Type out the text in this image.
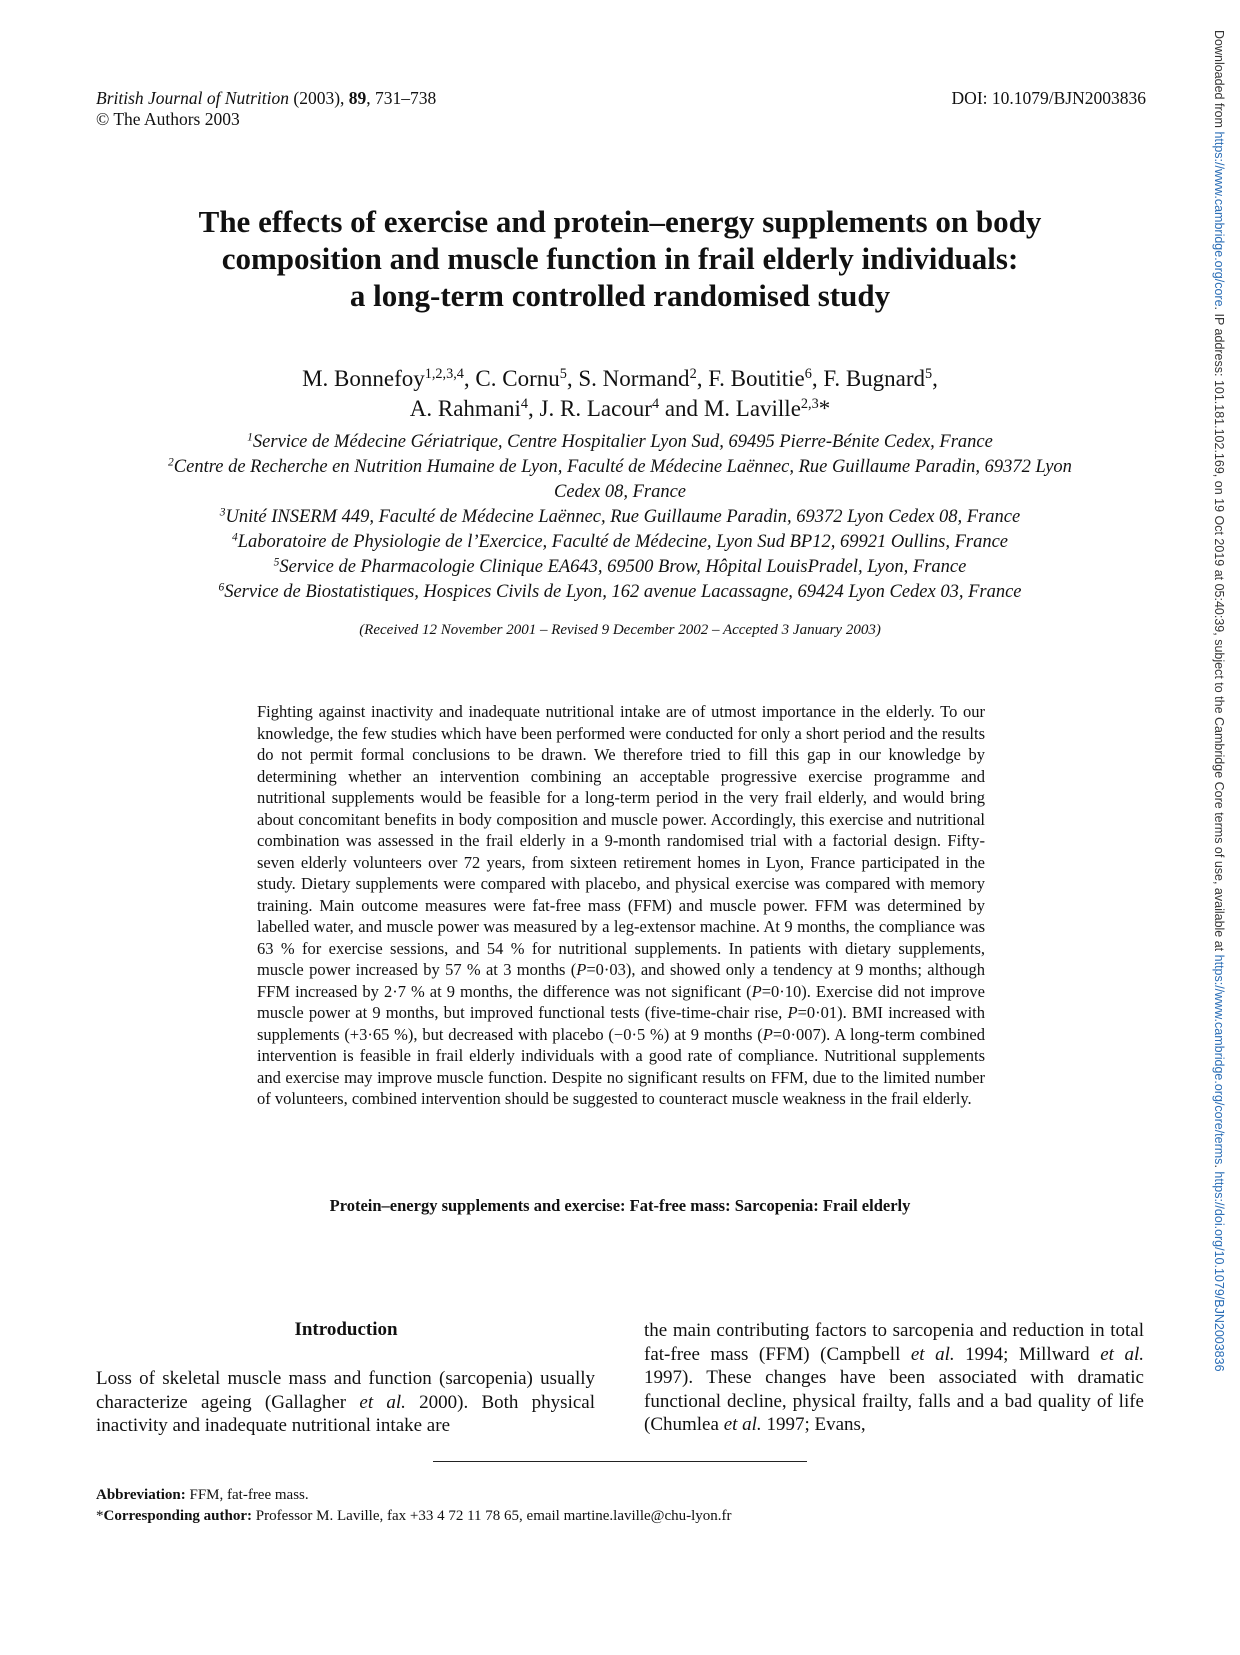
British Journal of Nutrition (2003), 89, 731–738
© The Authors 2003
DOI: 10.1079/BJN2003836	Downloaded from https://www.cambridge.org/core. IP address: 101.181.102.169, on 19 Oct 2019 at 05:40:39, subject to the Cambridge Core terms of use, available at https://www.cambridge.org/core/terms. https://doi.org/10.1079/BJN2003836
The effects of exercise and protein–energy supplements on body
composition and muscle function in frail elderly individuals:
a long-term controlled randomised study
M. Bonnefoy$^{1,2,3,4}$, C. Cornu$^5$, S. Normand$^2$, F. Boutitie$^6$, F. Bugnard$^5$,
A. Rahmani$^4$, J. R. Lacour$^4$ and M. Laville$^{2,3}$*
$^1$Service de Médecine Gériatrique, Centre Hospitalier Lyon Sud, 69495 Pierre-Bénite Cedex, France
$^2$Centre de Recherche en Nutrition Humaine de Lyon, Faculté de Médecine Laënnec, Rue Guillaume Paradin, 69372 Lyon
Cedex 08, France
$^3$Unité INSERM 449, Faculté de Médecine Laënnec, Rue Guillaume Paradin, 69372 Lyon Cedex 08, France
$^4$Laboratoire de Physiologie de l’Exercice, Faculté de Médecine, Lyon Sud BP12, 69921 Oullins, France
$^5$Service de Pharmacologie Clinique EA643, 69500 Brow, Hôpital LouisPradel, Lyon, France
$^6$Service de Biostatistiques, Hospices Civils de Lyon, 162 avenue Lacassagne, 69424 Lyon Cedex 03, France
(Received 12 November 2001 – Revised 9 December 2002 – Accepted 3 January 2003)
Fighting against inactivity and inadequate nutritional intake are of utmost importance in the elderly. To our knowledge, the few studies which have been performed were conducted for only a short period and the results do not permit formal conclusions to be drawn. We therefore tried to fill this gap in our knowledge by determining whether an intervention combining an acceptable progressive exercise programme and nutritional supplements would be feasible for a long-term period in the very frail elderly, and would bring about concomitant benefits in body composition and muscle power. Accordingly, this exercise and nutritional combination was assessed in the frail elderly in a 9-month randomised trial with a factorial design. Fifty-seven elderly volunteers over 72 years, from sixteen retirement homes in Lyon, France participated in the study. Dietary supplements were compared with placebo, and physical exercise was compared with memory training. Main outcome measures were fat-free mass (FFM) and muscle power. FFM was determined by labelled water, and muscle power was measured by a leg-extensor machine. At 9 months, the compliance was 63 % for exercise sessions, and 54 % for nutritional supplements. In patients with dietary supplements, muscle power increased by 57 % at 3 months (P=0·03), and showed only a tendency at 9 months; although FFM increased by 2·7 % at 9 months, the difference was not significant (P=0·10). Exercise did not improve muscle power at 9 months, but improved functional tests (five-time-chair rise, P=0·01). BMI increased with supplements (+3·65 %), but decreased with placebo (−0·5 %) at 9 months (P=0·007). A long-term combined intervention is feasible in frail elderly individuals with a good rate of compliance. Nutritional supplements and exercise may improve muscle function. Despite no significant results on FFM, due to the limited number of volunteers, combined intervention should be suggested to counteract muscle weakness in the frail elderly.
Protein–energy supplements and exercise: Fat-free mass: Sarcopenia: Frail elderly
Introduction
Loss of skeletal muscle mass and function (sarcopenia) usually characterize ageing (Gallagher et al. 2000). Both physical inactivity and inadequate nutritional intake are
the main contributing factors to sarcopenia and reduction in total fat-free mass (FFM) (Campbell et al. 1994; Millward et al. 1997). These changes have been associated with dramatic functional decline, physical frailty, falls and a bad quality of life (Chumlea et al. 1997; Evans,
Abbreviation: FFM, fat-free mass.
*Corresponding author: Professor M. Laville, fax +33 4 72 11 78 65, email martine.laville@chu-lyon.fr
